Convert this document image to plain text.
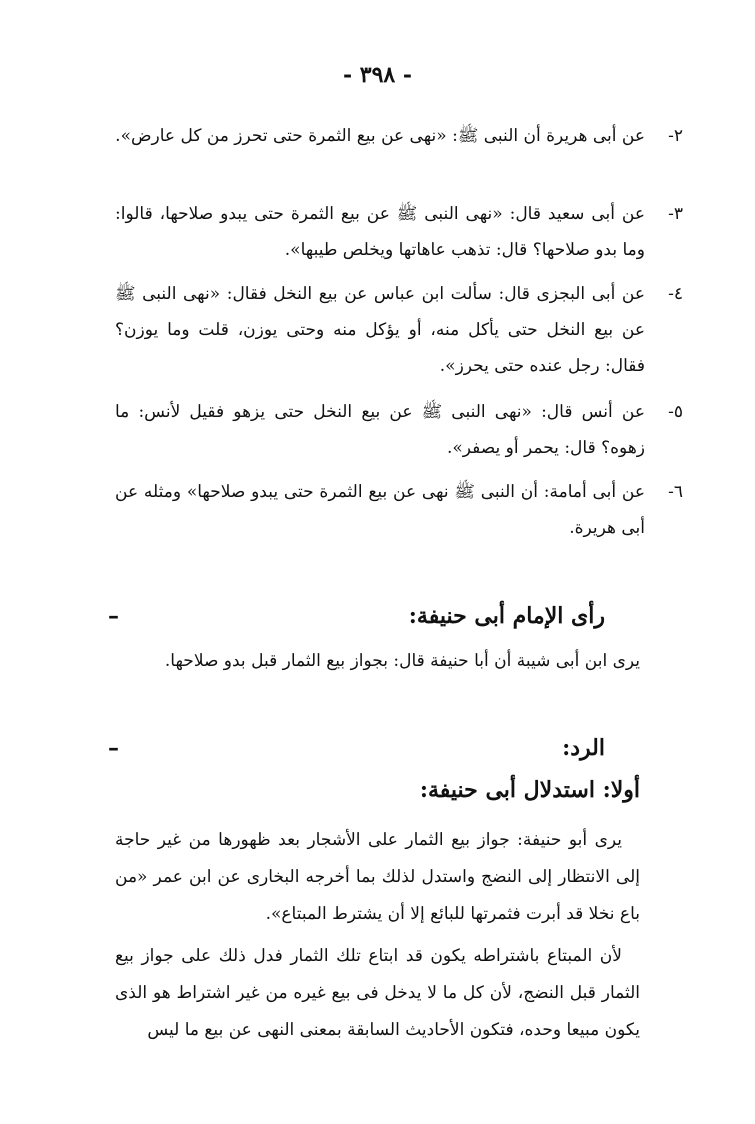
- ٣٩٨ -
٢-
عن أبى هريرة أن النبى ﷺ: «نهى عن بيع الثمرة حتى تحرز من كل عارض».
٣-
عن أبى سعيد قال: «نهى النبى ﷺ عن بيع الثمرة حتى يبدو صلاحها، قالوا: وما بدو صلاحها؟ قال: تذهب عاهاتها ويخلص طيبها».
٤-
عن أبى البجزى قال: سألت ابن عباس عن بيع النخل فقال: «نهى النبى ﷺ عن بيع النخل حتى يأكل منه، أو يؤكل منه وحتى يوزن، قلت وما يوزن؟ فقال: رجل عنده حتى يحرز».
٥-
عن أنس قال: «نهى النبى ﷺ عن بيع النخل حتى يزهو فقيل لأنس: ما زهوه؟ قال: يحمر أو يصفر».
٦-
عن أبى أمامة: أن النبى ﷺ نهى عن بيع الثمرة حتى يبدو صلاحها» ومثله عن أبى هريرة.
–	رأى الإمام أبى حنيفة:
يرى ابن أبى شيبة أن أبا حنيفة قال: بجواز بيع الثمار قبل بدو صلاحها.
–	الرد:
أولا: استدلال أبى حنيفة:
يرى أبو حنيفة: جواز بيع الثمار على الأشجار بعد ظهورها من غير حاجة إلى الانتظار إلى النضج واستدل لذلك بما أخرجه البخارى عن ابن عمر «من باع نخلا قد أبرت فثمرتها للبائع إلا أن يشترط المبتاع».
لأن المبتاع باشتراطه يكون قد ابتاع تلك الثمار فدل ذلك على جواز بيع الثمار قبل النضج، لأن كل ما لا يدخل فى بيع غيره من غير اشتراط هو الذى يكون مبيعا وحده، فتكون الأحاديث السابقة بمعنى النهى عن بيع ما ليس
